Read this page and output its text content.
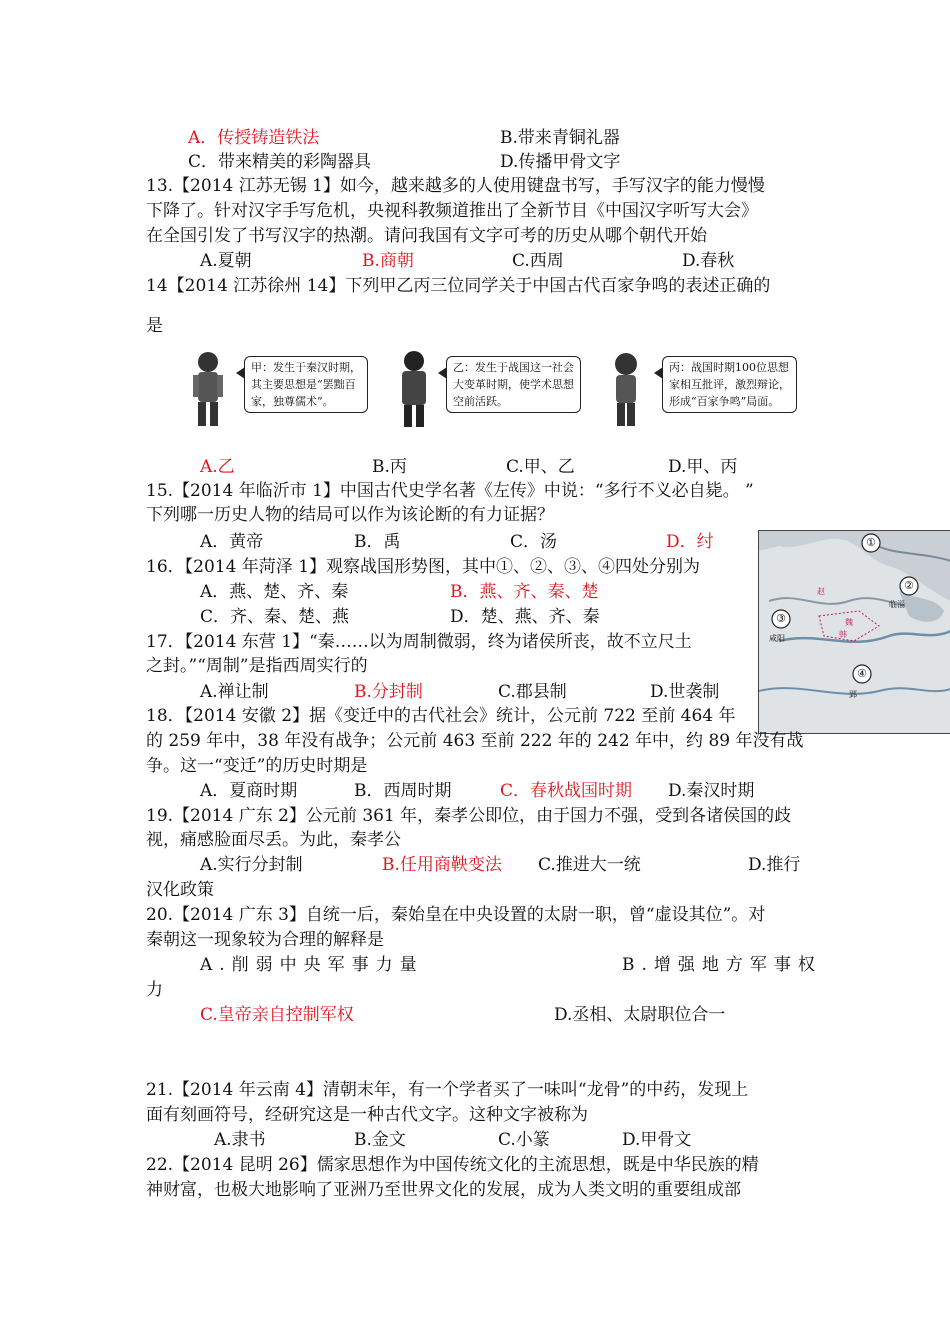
A．传授铸造铁法	B.带来青铜礼器
C．带来精美的彩陶器具	D.传播甲骨文字
13.【2014 江苏无锡 1】如今，越来越多的人使用键盘书写，手写汉字的能力慢慢
下降了。针对汉字手写危机，央视科教频道推出了全新节目《中国汉字听写大会》
在全国引发了书写汉字的热潮。请问我国有文字可考的历史从哪个朝代开始
A.夏朝	B.商朝	C.西周	D.春秋
14【2014 江苏徐州 14】下列甲乙丙三位同学关于中国古代百家争鸣的表述正确的
是
甲：发生于秦汉时期，
其主要思想是“罢黜百
家，独尊儒术”。
乙：发生于战国这一社会
大变革时期，使学术思想
空前活跃。
丙：战国时期100位思想
家相互批评，激烈辩论，
形成“百家争鸣”局面。
A.乙	B.丙	C.甲、乙	D.甲、丙
15.【2014 年临沂市 1】中国古代史学名著《左传》中说：“多行不义必自毙。 ”
下列哪一历史人物的结局可以作为该论断的有力证据？
A．黄帝	B．禹	C．汤	D．纣
16．【2014 年菏泽 1】观察战国形势图，其中①、②、③、④四处分别为
A．燕、楚、齐、秦	B．燕、齐、秦、楚
C．齐、秦、楚、燕	D．楚、燕、齐、秦
①
②
③
④
赵
魏
韩
咸阳
郢
临淄
17．【2014 东营 1】“秦……以为周制微弱，终为诸侯所丧，故不立尺土
之封。”“周制”是指西周实行的
A.禅让制	B.分封制	C.郡县制	D.世袭制
18．【2014 安徽 2】据《变迁中的古代社会》统计，公元前 722 至前 464 年
的 259 年中，38 年没有战争；公元前 463 至前 222 年的 242 年中，约 89 年没有战
争。这一“变迁”的历史时期是
A．夏商时期	B．西周时期	C．春秋战国时期 D.秦汉时期
19.【2014 广东 2】公元前 361 年，秦孝公即位，由于国力不强，受到各诸侯国的歧
视，痛感脸面尽丢。为此，秦孝公
A.实行分封制	B.任用商鞅变法 C.推进大一统	D.推行
汉化政策
20.【2014 广东 3】自统一后，秦始皇在中央设置的太尉一职，曾“虚设其位”。对
秦朝这一现象较为合理的解释是
A.削弱中央军事力量	B.增强地方军事权
力
C.皇帝亲自控制军权	D.丞相、太尉职位合一
21.【2014 年云南 4】清朝末年，有一个学者买了一味叫“龙骨”的中药，发现上
面有刻画符号，经研究这是一种古代文字。这种文字被称为
A.隶书	B.金文	C.小篆	D.甲骨文
22.【2014 昆明 26】儒家思想作为中国传统文化的主流思想，既是中华民族的精
神财富，也极大地影响了亚洲乃至世界文化的发展，成为人类文明的重要组成部
